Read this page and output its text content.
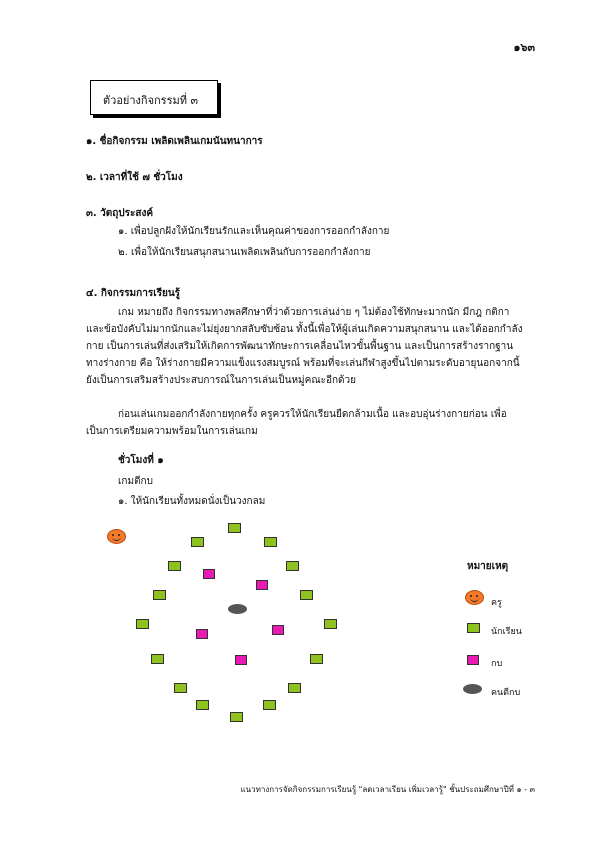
๑๖๓
ตัวอย่างกิจกรรมที่ ๓
๑. ชื่อกิจกรรม เพลิดเพลินเกมนันทนาการ
๒. เวลาที่ใช้ ๗ ชั่วโมง
๓. วัตถุประสงค์
๑. เพื่อปลูกฝังให้นักเรียนรักและเห็นคุณค่าของการออกกำลังกาย
๒. เพื่อให้นักเรียนสนุกสนานเพลิดเพลินกับการออกกำลังกาย
๔. กิจกรรมการเรียนรู้
เกม หมายถึง กิจกรรมทางพลศึกษาที่ว่าด้วยการเล่นง่าย ๆ ไม่ต้องใช้ทักษะมากนัก มีกฎ กติกา และข้อบังคับไม่มากนักและไม่ยุ่งยากสลับซับซ้อน ทั้งนี้เพื่อให้ผู้เล่นเกิดความสนุกสนาน และได้ออกกำลังกาย เป็นการเล่นที่ส่งเสริมให้เกิดการพัฒนาทักษะการเคลื่อนไหวขั้นพื้นฐาน และเป็นการสร้างรากฐานทางร่างกาย คือ ให้ร่างกายมีความแข็งแรงสมบูรณ์ พร้อมที่จะเล่นกีฬาสูงขึ้นไปตามระดับอายุนอกจากนี้ยังเป็นการเสริมสร้างประสบการณ์ในการเล่นเป็นหมู่คณะอีกด้วย
ก่อนเล่นเกมออกกำลังกายทุกครั้ง ครูควรให้นักเรียนยืดกล้ามเนื้อ และอบอุ่นร่างกายก่อน เพื่อเป็นการเตรียมความพร้อมในการเล่นเกม
ชั่วโมงที่ ๑
เกมตีกบ
๑. ให้นักเรียนทั้งหมดนั่งเป็นวงกลม
หมายเหตุ
ครู
นักเรียน
กบ
คนตีกบ
แนวทางการจัดกิจกรรมการเรียนรู้ "ลดเวลาเรียน เพิ่มเวลารู้" ชั้นประถมศึกษาปีที่ ๑ - ๓
